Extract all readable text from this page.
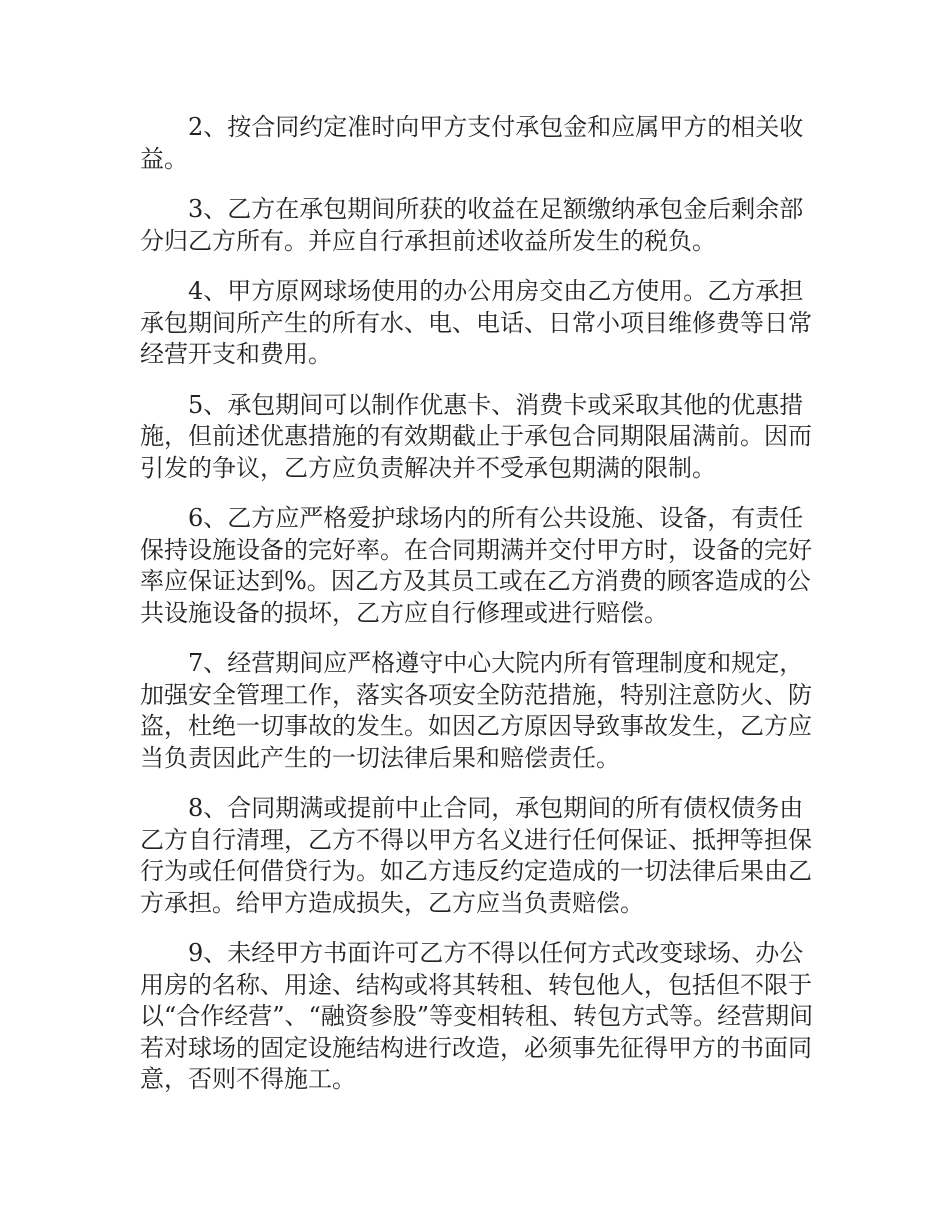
2、按合同约定准时向甲方支付承包金和应属甲方的相关收益。

3、乙方在承包期间所获的收益在足额缴纳承包金后剩余部分归乙方所有。并应自行承担前述收益所发生的税负。

4、甲方原网球场使用的办公用房交由乙方使用。乙方承担承包期间所产生的所有水、电、电话、日常小项目维修费等日常经营开支和费用。

5、承包期间可以制作优惠卡、消费卡或采取其他的优惠措施，但前述优惠措施的有效期截止于承包合同期限届满前。因而引发的争议，乙方应负责解决并不受承包期满的限制。

6、乙方应严格爱护球场内的所有公共设施、设备，有责任保持设施设备的完好率。在合同期满并交付甲方时，设备的完好率应保证达到%。因乙方及其员工或在乙方消费的顾客造成的公共设施设备的损坏，乙方应自行修理或进行赔偿。

7、经营期间应严格遵守中心大院内所有管理制度和规定，加强安全管理工作，落实各项安全防范措施，特别注意防火、防盗，杜绝一切事故的发生。如因乙方原因导致事故发生，乙方应当负责因此产生的一切法律后果和赔偿责任。

8、合同期满或提前中止合同，承包期间的所有债权债务由乙方自行清理，乙方不得以甲方名义进行任何保证、抵押等担保行为或任何借贷行为。如乙方违反约定造成的一切法律后果由乙方承担。给甲方造成损失，乙方应当负责赔偿。

9、未经甲方书面许可乙方不得以任何方式改变球场、办公用房的名称、用途、结构或将其转租、转包他人，包括但不限于以“合作经营”、“融资参股”等变相转租、转包方式等。经营期间若对球场的固定设施结构进行改造，必须事先征得甲方的书面同意，否则不得施工。
